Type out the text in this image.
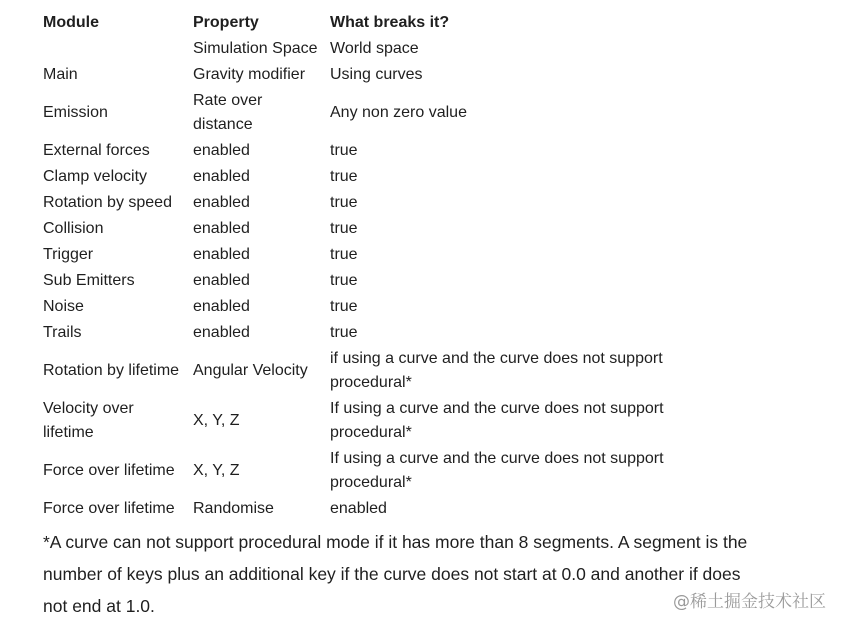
Module	Property	What breaks it?
	Simulation Space	World space
Main	Gravity modifier	Using curves
Emission	Rate over distance	Any non zero value
External forces	enabled	true
Clamp velocity	enabled	true
Rotation by speed	enabled	true
Collision	enabled	true
Trigger	enabled	true
Sub Emitters	enabled	true
Noise	enabled	true
Trails	enabled	true
Rotation by lifetime	Angular Velocity	if using a curve and the curve does not support procedural*
Velocity over lifetime	X, Y, Z	If using a curve and the curve does not support procedural*
Force over lifetime	X, Y, Z	If using a curve and the curve does not support procedural*
Force over lifetime	Randomise	enabled

*A curve can not support procedural mode if it has more than 8 segments. A segment is the number of keys plus an additional key if the curve does not start at 0.0 and another if does not end at 1.0.	@稀土掘金技术社区
